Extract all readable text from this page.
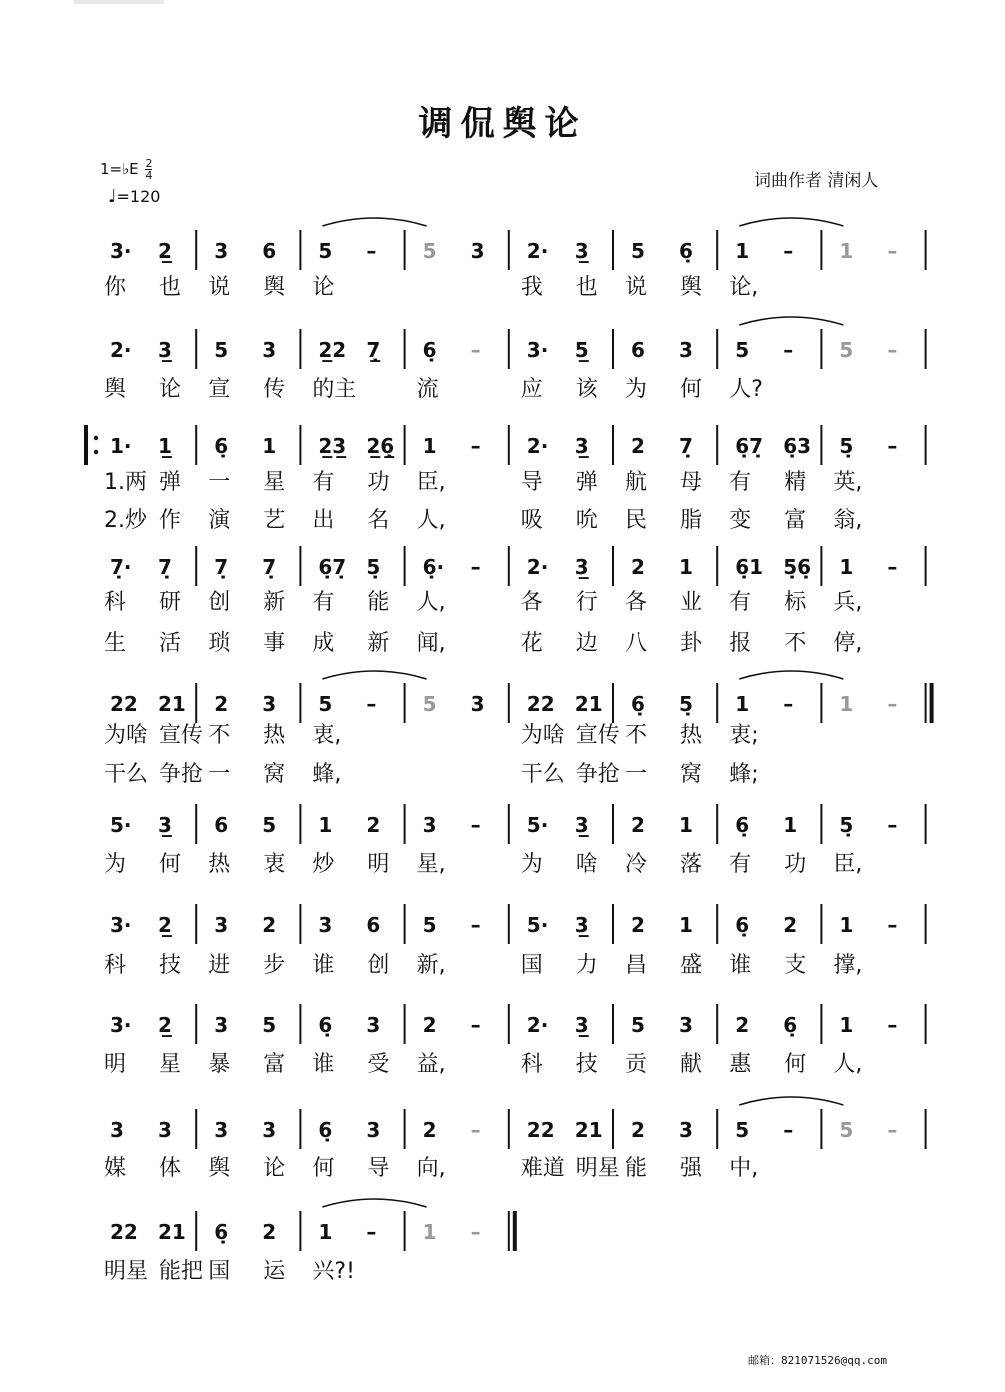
调侃舆论
1=♭E $\frac{2}{4}$
♩=120
词曲作者 清闲人
3· 2̲ 3 6 5 – 5 3 2· 3̲ 5 6̣ 1 – 1 –
你 也 说 舆 论	我 也 说 舆 论,
2· 3̲ 5 3 2̲2 7̣̲ 6̣ – 3· 5̲ 6 3 5 – 5 –
舆 论 宣 传 的主	流	应 该 为 何 人?
1· 1̲ 6̣ 1 2̲3̲ 2̲6̣̲ 1 – 2· 3̲ 2 7̣ 6̣7̣ 6̣3 5̣ –
1.两 弹 一 星 有 功 臣,	导 弹 航 母 有 精 英,
2.炒 作 演 艺 出 名 人,	吸 吮 民 脂 变 富 翁,
7̣· 7̣ 7̣ 7̣ 6̣7̣ 5̣ 6̣· – 2· 3̲ 2 1 6̣1 5̣6̣ 1 –
科 研 创 新 有 能 人,	各 行 各 业 有 标 兵,
生 活 琐 事 成 新 闻,	花 边 八 卦 报 不 停,
22 21 2 3 5 – 5 3 22 21 6̣ 5̣ 1 – 1 –
为啥 宣传 不 热 衷,	为啥 宣传 不 热 衷;
干么 争抢 一 窝 蜂,	干么 争抢 一 窝 蜂;
5· 3̲ 6 5 1 2 3 – 5· 3̲ 2 1 6̣ 1 5̣ –
为 何 热 衷 炒 明 星,	为 啥 冷 落 有 功 臣,
3· 2̲ 3 2 3 6 5 – 5· 3̲ 2 1 6̣ 2 1 –
科 技 进 步 谁 创 新,	国 力 昌 盛 谁 支 撑,
3· 2̲ 3 5 6̣ 3 2 – 2· 3̲ 5 3 2 6̣ 1 –
明 星 暴 富 谁 受 益,	科 技 贡 献 惠 何 人,
3 3 3 3 6̣ 3 2 – 22 21 2 3 5 – 5 –
媒 体 舆 论 何 导 向,	难道 明星 能 强 中,
22 21 6̣ 2 1 – 1 –
明星 能把 国 运 兴?!
邮箱：821071526@qq.com
